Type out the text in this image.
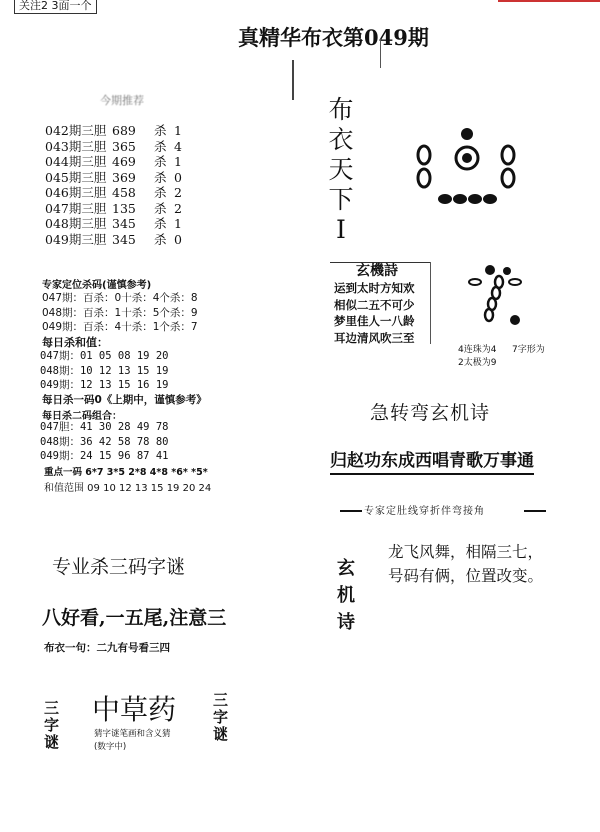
关注2 3面一个
真精华布衣第049期
今期推荐
042期三胆 689 杀 1
043期三胆 365 杀 4
044期三胆 469 杀 1
045期三胆 369 杀 0
046期三胆 458 杀 2
047期三胆 135 杀 2
048期三胆 345 杀 1
049期三胆 345 杀 0
专家定位杀码(谨慎参考)
047期：百杀：0十杀：4个杀：8
048期：百杀：1十杀：5个杀：9
049期：百杀：4十杀：1个杀：7
每日杀和值：
047期：01 05 08 19 20
048期：10 12 13 15 19
049期：12 13 15 16 19
每日杀一码0《上期中，谨慎参考》
每日杀二码组合：
047胆：41 30 28 49 78
048期：36 42 58 78 80
049期：24 15 96 87 41
重点一码 6*7 3*5 2*8 4*8 *6* *5*
和值范围 09 10 12 13 15 19 20 24
专业杀三码字谜
八好看,一五尾,注意三
布衣一句：二九有号看三四
三字谜
中草药
猜字谜笔画和含义猜
(数字中)
三字谜
布
衣
天
下
I
玄機詩
运到太时方知欢
相似二五不可少
梦里佳人一八龄
耳边清风吹三至
4连珠为4
2太极为9
7字形为
急转弯玄机诗
归赵功东成西唱青歌万事通
专家定肚线穿折伴弯接角
玄
机
诗
龙飞风舞，相隔三七，
号码有俩，位置改变。
